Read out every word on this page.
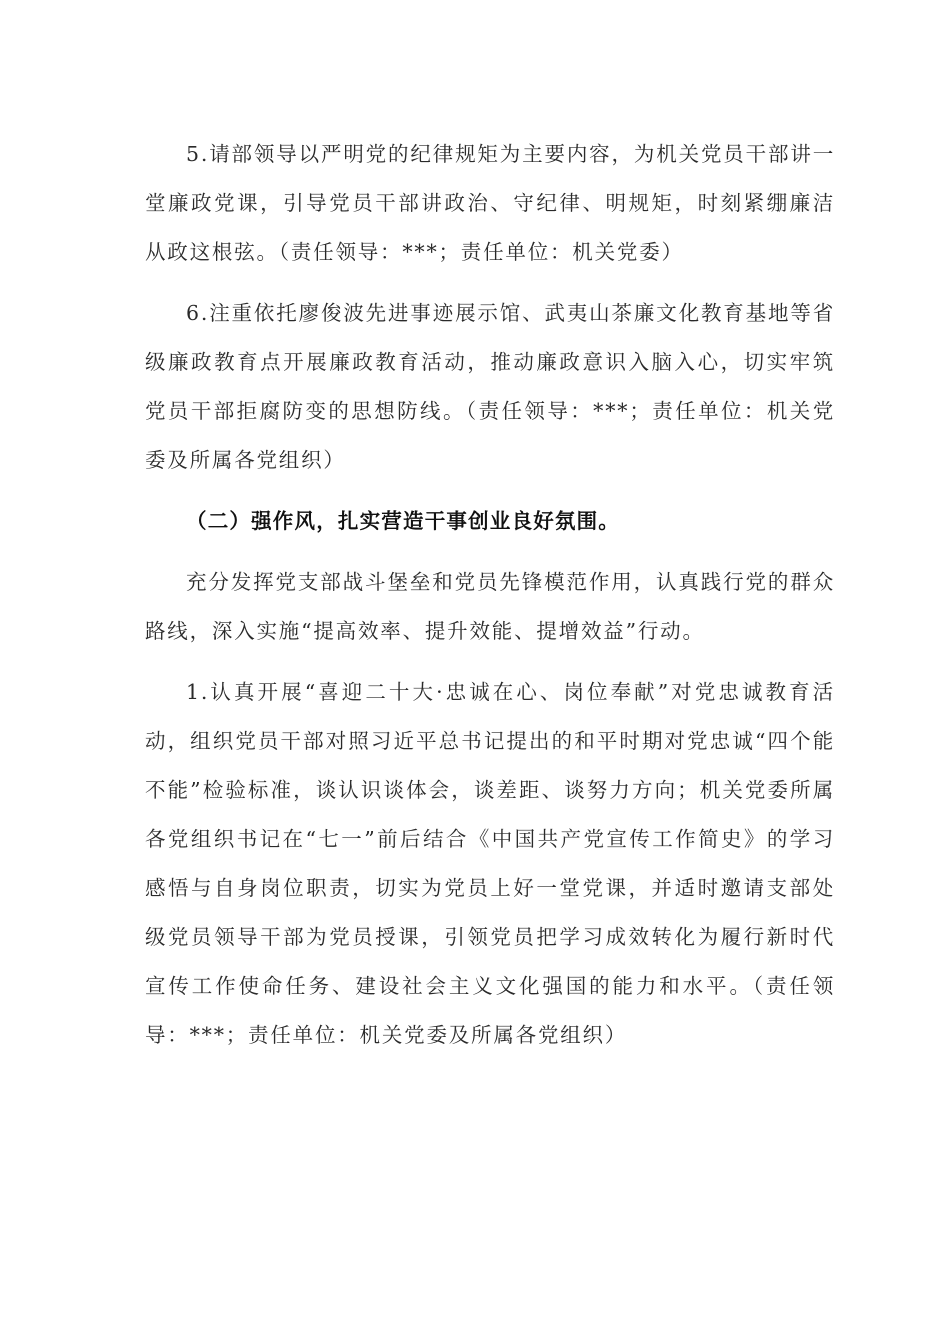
5.请部领导以严明党的纪律规矩为主要内容，为机关党员干部讲一堂廉政党课，引导党员干部讲政治、守纪律、明规矩，时刻紧绷廉洁从政这根弦。（责任领导：***；责任单位：机关党委）

6.注重依托廖俊波先进事迹展示馆、武夷山茶廉文化教育基地等省级廉政教育点开展廉政教育活动，推动廉政意识入脑入心，切实牢筑党员干部拒腐防变的思想防线。（责任领导：***；责任单位：机关党委及所属各党组织）

（二）强作风，扎实营造干事创业良好氛围。

充分发挥党支部战斗堡垒和党员先锋模范作用，认真践行党的群众路线，深入实施“提高效率、提升效能、提增效益”行动。

1.认真开展“喜迎二十大·忠诚在心、岗位奉献”对党忠诚教育活动，组织党员干部对照习近平总书记提出的和平时期对党忠诚“四个能不能”检验标准，谈认识谈体会，谈差距、谈努力方向；机关党委所属各党组织书记在“七一”前后结合《中国共产党宣传工作简史》的学习感悟与自身岗位职责，切实为党员上好一堂党课，并适时邀请支部处级党员领导干部为党员授课，引领党员把学习成效转化为履行新时代宣传工作使命任务、建设社会主义文化强国的能力和水平。（责任领导：***；责任单位：机关党委及所属各党组织）
